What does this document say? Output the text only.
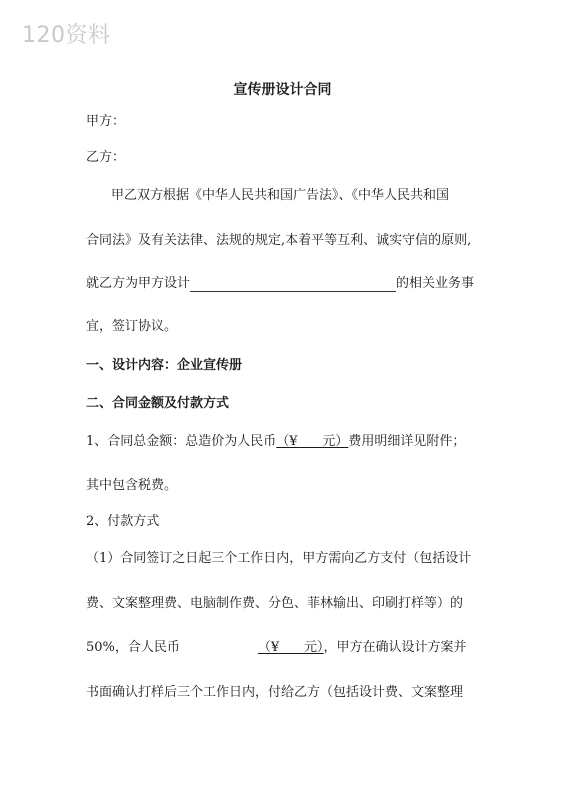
120资料
宣传册设计合同
甲方：
乙方：
甲乙双方根据《中华人民共和国广告法》、《中华人民共和国
合同法》及有关法律、法规的规定,本着平等互利、诚实守信的原则,
就乙方为甲方设计	的相关业务事
宜，签订协议。
一、设计内容：企业宣传册
二、合同金额及付款方式
1、合同总金额：总造价为人民币（¥      元）费用明细详见附件；
其中包含税费。
2、付款方式
（1）合同签订之日起三个工作日内，甲方需向乙方支付（包括设计
费、文案整理费、电脑制作费、分色、菲林输出、印刷打样等）的
50%，合人民币	（¥      元），甲方在确认设计方案并
书面确认打样后三个工作日内，付给乙方（包括设计费、文案整理
